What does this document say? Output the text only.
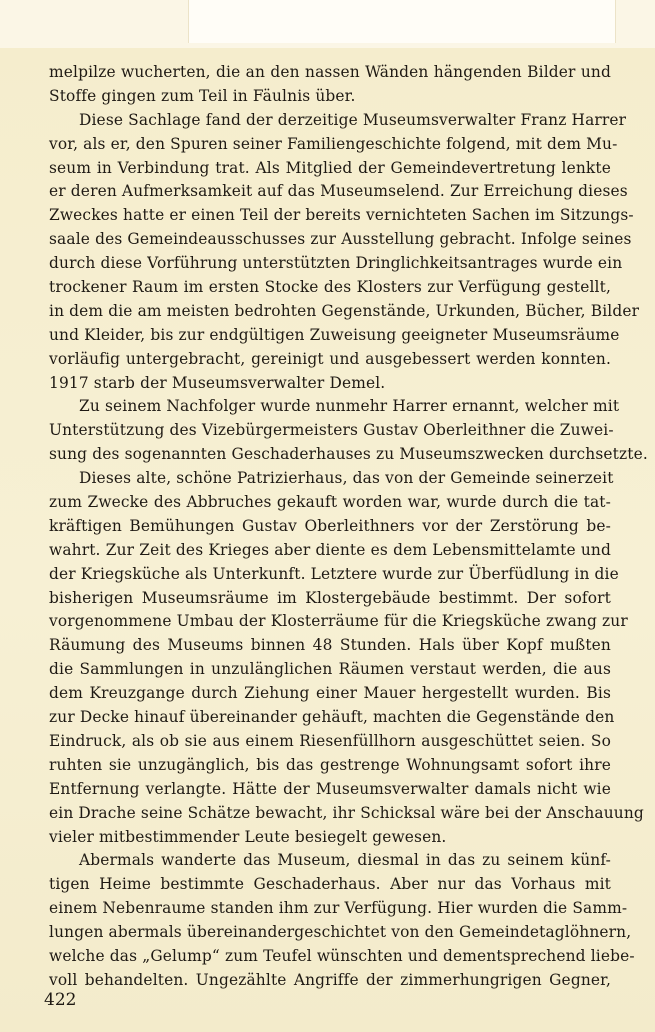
melpilze wucherten, die an den nassen Wänden hängenden Bilder und
Stoffe gingen zum Teil in Fäulnis über.
Diese Sachlage fand der derzeitige Museumsverwalter Franz Harrer
vor, als er, den Spuren seiner Familiengeschichte folgend, mit dem Mu-
seum in Verbindung trat. Als Mitglied der Gemeindevertretung lenkte
er deren Aufmerksamkeit auf das Museumselend. Zur Erreichung dieses
Zweckes hatte er einen Teil der bereits vernichteten Sachen im Sitzungs-
saale des Gemeindeausschusses zur Ausstellung gebracht. Infolge seines
durch diese Vorführung unterstützten Dringlichkeitsantrages wurde ein
trockener Raum im ersten Stocke des Klosters zur Verfügung gestellt,
in dem die am meisten bedrohten Gegenstände, Urkunden, Bücher, Bilder
und Kleider, bis zur endgültigen Zuweisung geeigneter Museumsräume
vorläufig untergebracht, gereinigt und ausgebessert werden konnten.
1917 starb der Museumsverwalter Demel.
Zu seinem Nachfolger wurde nunmehr Harrer ernannt, welcher mit
Unterstützung des Vizebürgermeisters Gustav Oberleithner die Zuwei-
sung des sogenannten Geschaderhauses zu Museumszwecken durchsetzte.
Dieses alte, schöne Patrizierhaus, das von der Gemeinde seinerzeit
zum Zwecke des Abbruches gekauft worden war, wurde durch die tat-
kräftigen Bemühungen Gustav Oberleithners vor der Zerstörung be-
wahrt. Zur Zeit des Krieges aber diente es dem Lebensmittelamte und
der Kriegsküche als Unterkunft. Letztere wurde zur Überfüdlung in die
bisherigen Museumsräume im Klostergebäude bestimmt. Der sofort
vorgenommene Umbau der Klosterräume für die Kriegsküche zwang zur
Räumung des Museums binnen 48 Stunden. Hals über Kopf mußten
die Sammlungen in unzulänglichen Räumen verstaut werden, die aus
dem Kreuzgange durch Ziehung einer Mauer hergestellt wurden. Bis
zur Decke hinauf übereinander gehäuft, machten die Gegenstände den
Eindruck, als ob sie aus einem Riesenfüllhorn ausgeschüttet seien. So
ruhten sie unzugänglich, bis das gestrenge Wohnungsamt sofort ihre
Entfernung verlangte. Hätte der Museumsverwalter damals nicht wie
ein Drache seine Schätze bewacht, ihr Schicksal wäre bei der Anschauung
vieler mitbestimmender Leute besiegelt gewesen.
Abermals wanderte das Museum, diesmal in das zu seinem künf-
tigen Heime bestimmte Geschaderhaus. Aber nur das Vorhaus mit
einem Nebenraume standen ihm zur Verfügung. Hier wurden die Samm-
lungen abermals übereinandergeschichtet von den Gemeindetaglöhnern,
welche das „Gelump“ zum Teufel wünschten und dementsprechend liebe-
voll behandelten. Ungezählte Angriffe der zimmerhungrigen Gegner,
422
